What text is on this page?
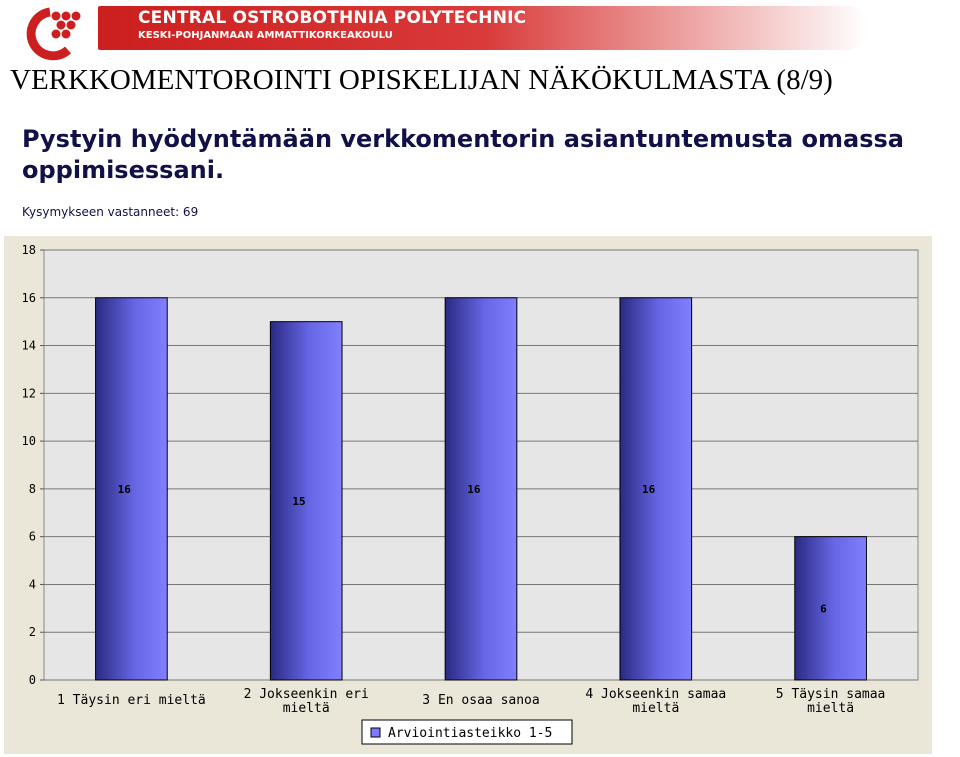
CENTRAL OSTROBOTHNIA POLYTECHNIC
KESKI-POHJANMAAN AMMATTIKORKEAKOULU
VERKKOMENTOROINTI OPISKELIJAN NÄKÖKULMASTA (8/9)
Pystyin hyödyntämään verkkomentorin asiantuntemusta omassa oppimisessani.
Kysymykseen vastanneet: 69
16
15
16	16
6
0
2
4
6
8
10
12
14
16
18
1 Täysin eri mieltä	2 Jokseenkin eri
mieltä
3 En osaa sanoa	4 Jokseenkin samaa
mieltä
5 Täysin samaa
mieltä
Arviointiasteikko 1-5
